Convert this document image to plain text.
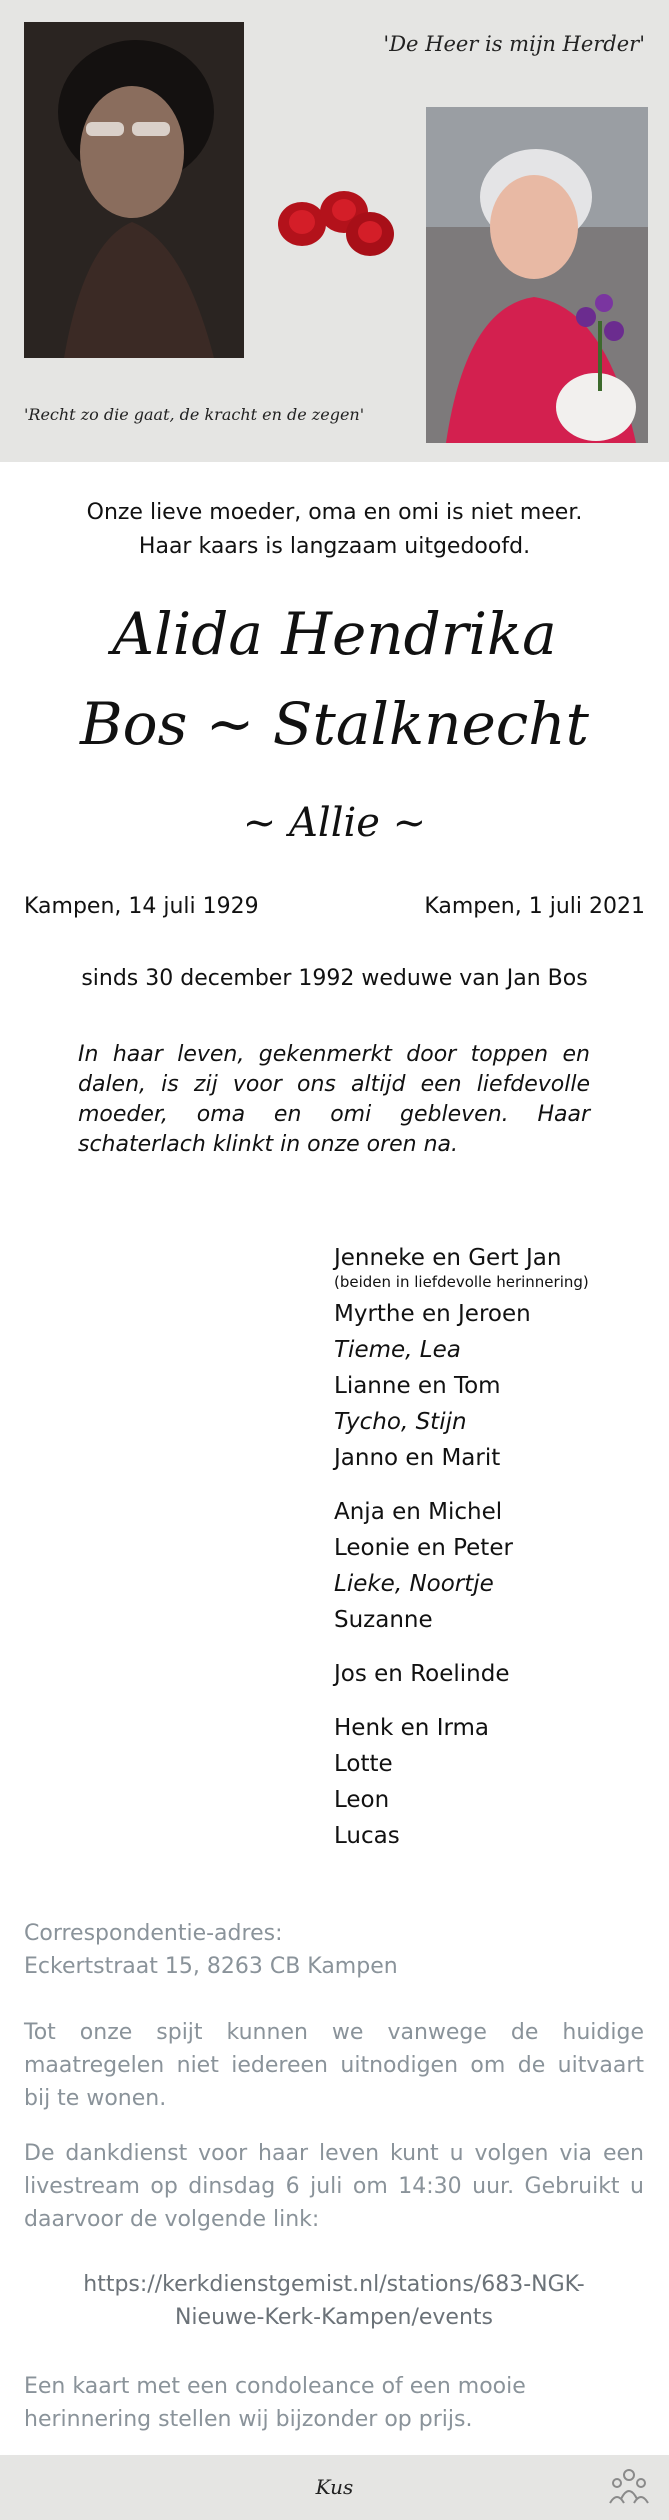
'De Heer is mijn Herder'
'Recht zo die gaat, de kracht en de zegen'
Onze lieve moeder, oma en omi is niet meer.
Haar kaars is langzaam uitgedoofd.
Alida Hendrika
Bos ~ Stalknecht
~ Allie ~
Kampen, 14 juli 1929	Kampen, 1 juli 2021
sinds 30 december 1992 weduwe van Jan Bos
In haar leven, gekenmerkt door toppen en dalen, is zij voor ons altijd een liefdevolle moeder, oma en omi gebleven. Haar schaterlach klinkt in onze oren na.
Jenneke en Gert Jan
(beiden in liefdevolle herinnering)
Myrthe en Jeroen
Tieme, Lea
Lianne en Tom
Tycho, Stijn
Janno en Marit
Anja en Michel
Leonie en Peter
Lieke, Noortje
Suzanne
Jos en Roelinde
Henk en Irma
Lotte
Leon
Lucas
Correspondentie-adres:
Eckertstraat 15, 8263 CB Kampen
Tot onze spijt kunnen we vanwege de huidige maatregelen niet iedereen uitnodigen om de uitvaart bij te wonen.
De dankdienst voor haar leven kunt u volgen via een livestream op dinsdag 6 juli om 14:30 uur. Gebruikt u daarvoor de volgende link:
https://kerkdienstgemist.nl/stations/683-NGK-
Nieuwe-Kerk-Kampen/events
Een kaart met een condoleance of een mooie herinnering stellen wij bijzonder op prijs.
Kus
